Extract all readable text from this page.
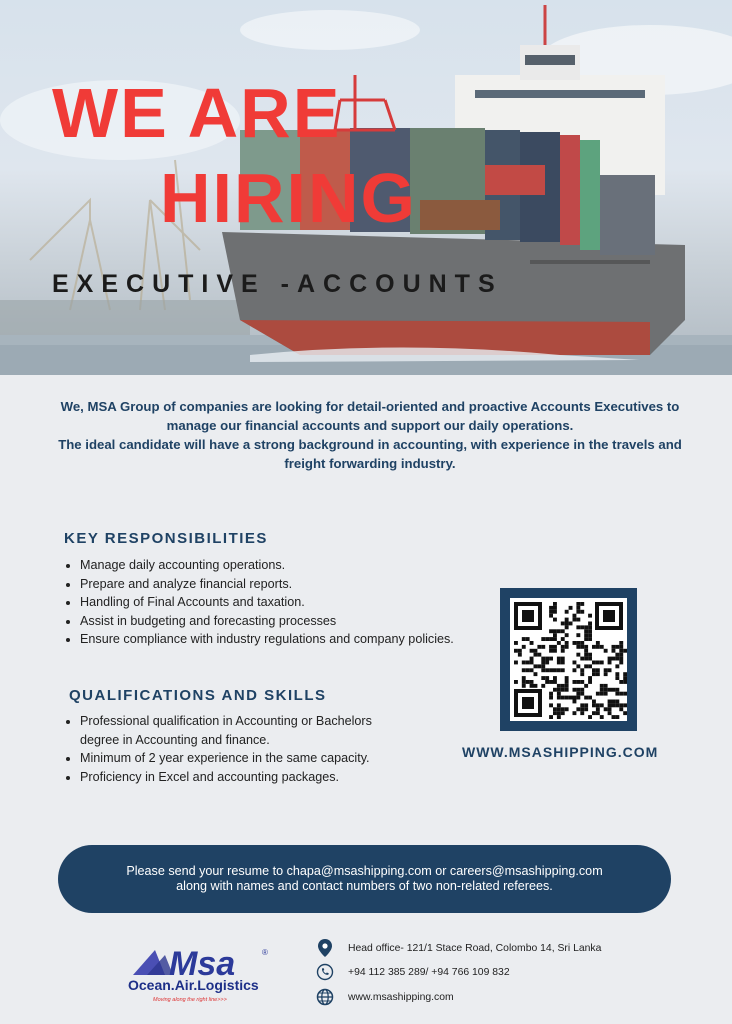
WE ARE
HIRING
EXECUTIVE -ACCOUNTS

We, MSA Group of companies are looking for detail-oriented and proactive Accounts Executives to manage our financial accounts and support our daily operations.

The ideal candidate will have a strong background in accounting, with experience in the travels and freight forwarding industry.

KEY RESPONSIBILITIES
• Manage daily accounting operations.
• Prepare and analyze financial reports.
• Handling of Final Accounts and taxation.
• Assist in budgeting and forecasting processes
• Ensure compliance with industry regulations and company policies.
QUALIFICATIONS AND SKILLS
• Professional qualification in Accounting or Bachelors degree in Accounting and finance.
• Minimum of 2 year experience in the same capacity.
• Proficiency in Excel and accounting packages.
WWW.MSASHIPPING.COM
Please send your resume to chapa@msashipping.com or careers@msashipping.com along with names and contact numbers of two non-related referees.
Msa	®
Ocean.Air.Logistics
Moving along the right line>>>
Head office- 121/1 Stace Road, Colombo 14, Sri Lanka
+94 112 385 289/ +94 766 109 832
www.msashipping.com
